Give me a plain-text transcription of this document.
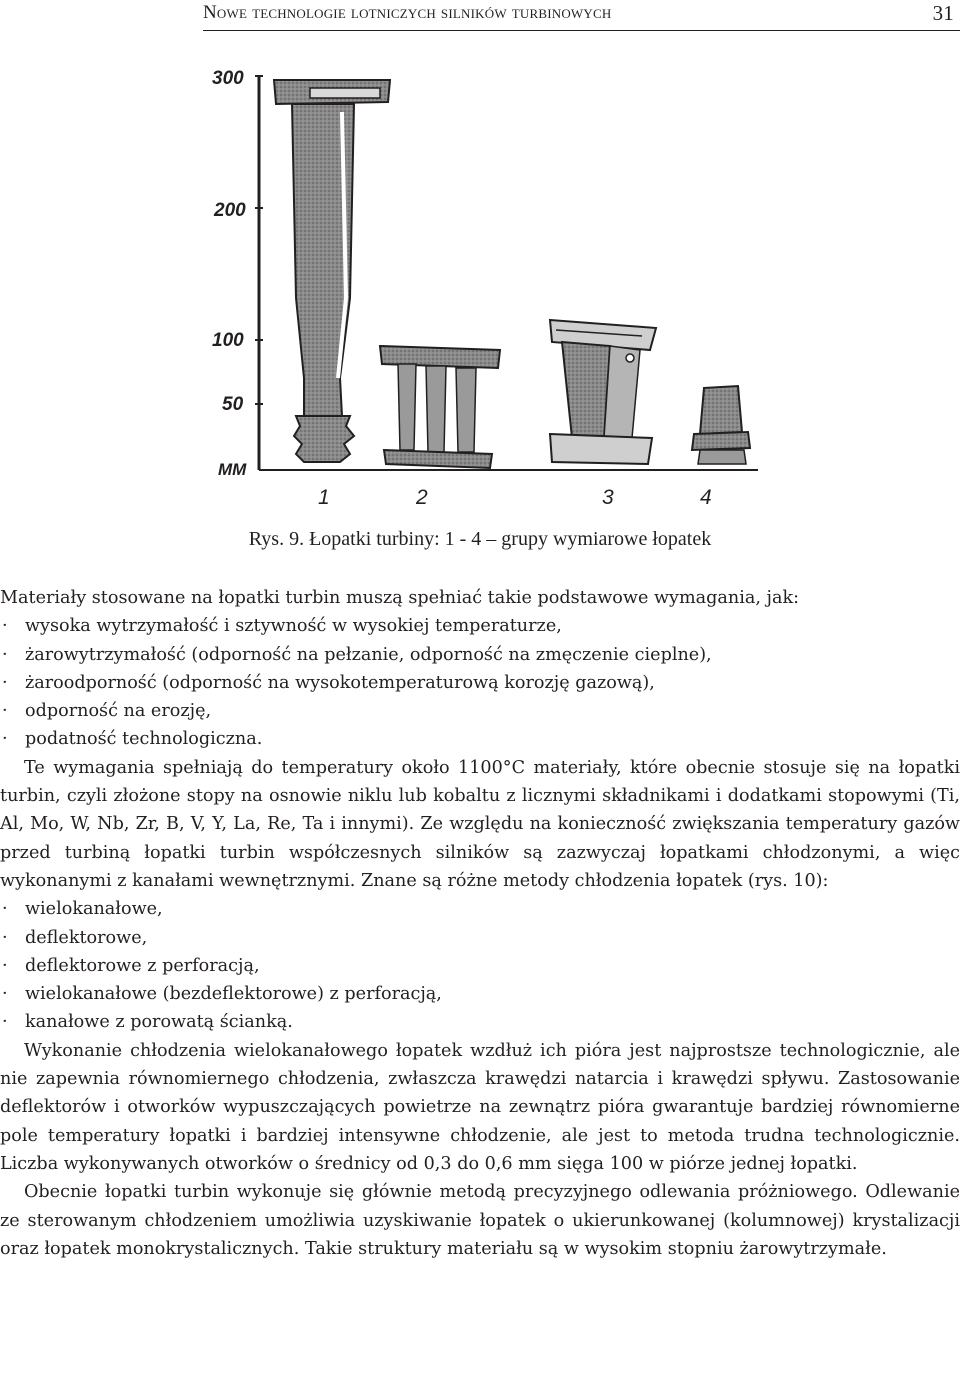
Nowe technologie lotniczych silników turbinowych	31
300
200
100
50
MM
1	2	3	4
Rys. 9. Łopatki turbiny: 1 - 4 – grupy wymiarowe łopatek

Materiały stosowane na łopatki turbin muszą spełniać takie podstawowe wymagania, jak:

· wysoka wytrzymałość i sztywność w wysokiej temperaturze,
· żarowytrzymałość (odporność na pełzanie, odporność na zmęczenie cieplne),
· żaroodporność (odporność na wysokotemperaturową korozję gazową),
· odporność na erozję,
· podatność technologiczna.

Te wymagania spełniają do temperatury około 1100°C materiały, które obecnie stosuje się na łopatki turbin, czyli złożone stopy na osnowie niklu lub kobaltu z licznymi składnikami i dodatkami stopowymi (Ti, Al, Mo, W, Nb, Zr, B, V, Y, La, Re, Ta i innymi). Ze względu na konieczność zwiększania temperatury gazów przed turbiną łopatki turbin współczesnych silników są zazwyczaj łopatkami chłodzonymi, a więc wykonanymi z kanałami wewnętrznymi. Znane są różne metody chłodzenia łopatek (rys. 10):

· wielokanałowe,
· deflektorowe,
· deflektorowe z perforacją,
· wielokanałowe (bezdeflektorowe) z perforacją,
· kanałowe z porowatą ścianką.

Wykonanie chłodzenia wielokanałowego łopatek wzdłuż ich pióra jest najprostsze technologicznie, ale nie zapewnia równomiernego chłodzenia, zwłaszcza krawędzi natarcia i krawędzi spływu. Zastosowanie deflektorów i otworków wypuszczających powietrze na zewnątrz pióra gwarantuje bardziej równomierne pole temperatury łopatki i bardziej intensywne chłodzenie, ale jest to metoda trudna technologicznie. Liczba wykonywanych otworków o średnicy od 0,3 do 0,6 mm sięga 100 w piórze jednej łopatki.

Obecnie łopatki turbin wykonuje się głównie metodą precyzyjnego odlewania próżniowego. Odlewanie ze sterowanym chłodzeniem umożliwia uzyskiwanie łopatek o ukierunkowanej (kolumnowej) krystalizacji oraz łopatek monokrystalicznych. Takie struktury materiału są w wysokim stopniu żarowytrzymałe.
